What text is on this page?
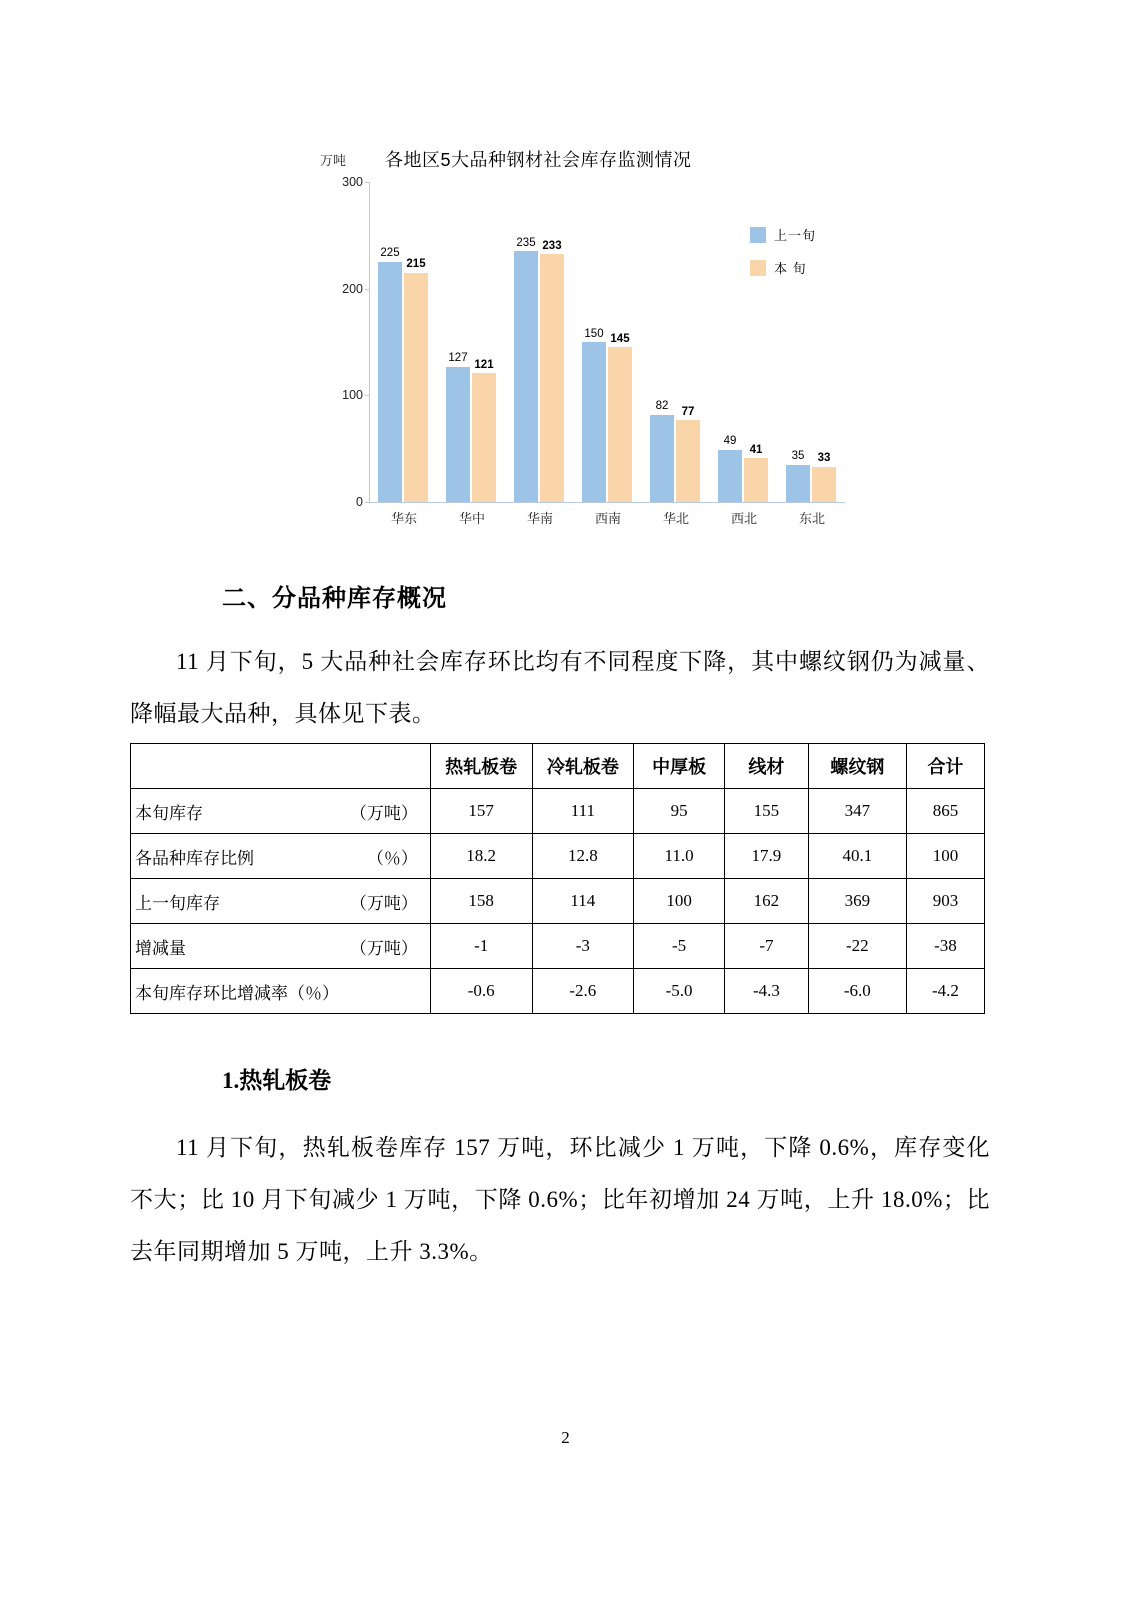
万吨 各地区5大品种钢材社会库存监测情况
0
100
200
300
225
215
华东
127
121
华中
235 233
华南
150 145
西南
82	77
华北
49
41
西北
35	33
东北
上一旬
本 旬
二、分品种库存概况
11 月下旬，5 大品种社会库存环比均有不同程度下降，其中螺纹钢仍为减量、降幅最大品种，具体见下表。
	热轧板卷	冷轧板卷	中厚板	线材	螺纹钢	合计

本旬库存 （万吨）	157	111	95	155	347	865

各品种库存比例 （％）	18.2	12.8	11.0	17.9	40.1	100

上一旬库存 （万吨）	158	114	100	162	369	903

增减量 （万吨）	-1	-3	-5	-7	-22	-38

本旬库存环比增减率（％）	-0.6	-2.6	-5.0	-4.3	-6.0	-4.2
1.热轧板卷
11 月下旬，热轧板卷库存 157 万吨，环比减少 1 万吨，下降 0.6%，库存变化不大；比 10 月下旬减少 1 万吨，下降 0.6%；比年初增加 24 万吨，上升 18.0%；比去年同期增加 5 万吨，上升 3.3%。
2
